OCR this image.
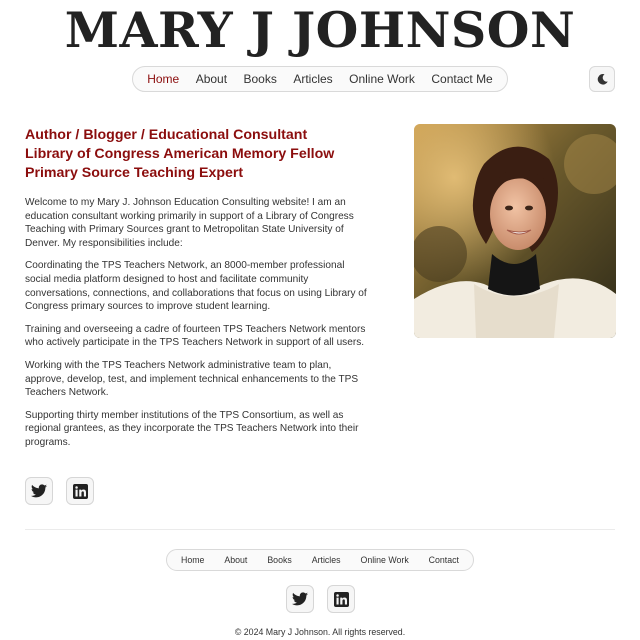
MARY J JOHNSON
Home About Books Articles Online Work Contact Me
Author / Blogger / Educational Consultant
Library of Congress American Memory Fellow
Primary Source Teaching Expert

Welcome to my Mary J. Johnson Education Consulting website! I am an education consultant working primarily in support of a Library of Congress Teaching with Primary Sources grant to Metropolitan State University of Denver. My responsibilities include:

Coordinating the TPS Teachers Network, an 8000-member professional social media platform designed to host and facilitate community conversations, connections, and collaborations that focus on using Library of Congress primary sources to improve student learning.

Training and overseeing a cadre of fourteen TPS Teachers Network mentors who actively participate in the TPS Teachers Network in support of all users.

Working with the TPS Teachers Network administrative team to plan, approve, develop, test, and implement technical enhancements to the TPS Teachers Network.

Supporting thirty member institutions of the TPS Consortium, as well as regional grantees, as they incorporate the TPS Teachers Network into their programs.

Home About Books Articles Online Work Contact
© 2024 Mary J Johnson. All rights reserved.
